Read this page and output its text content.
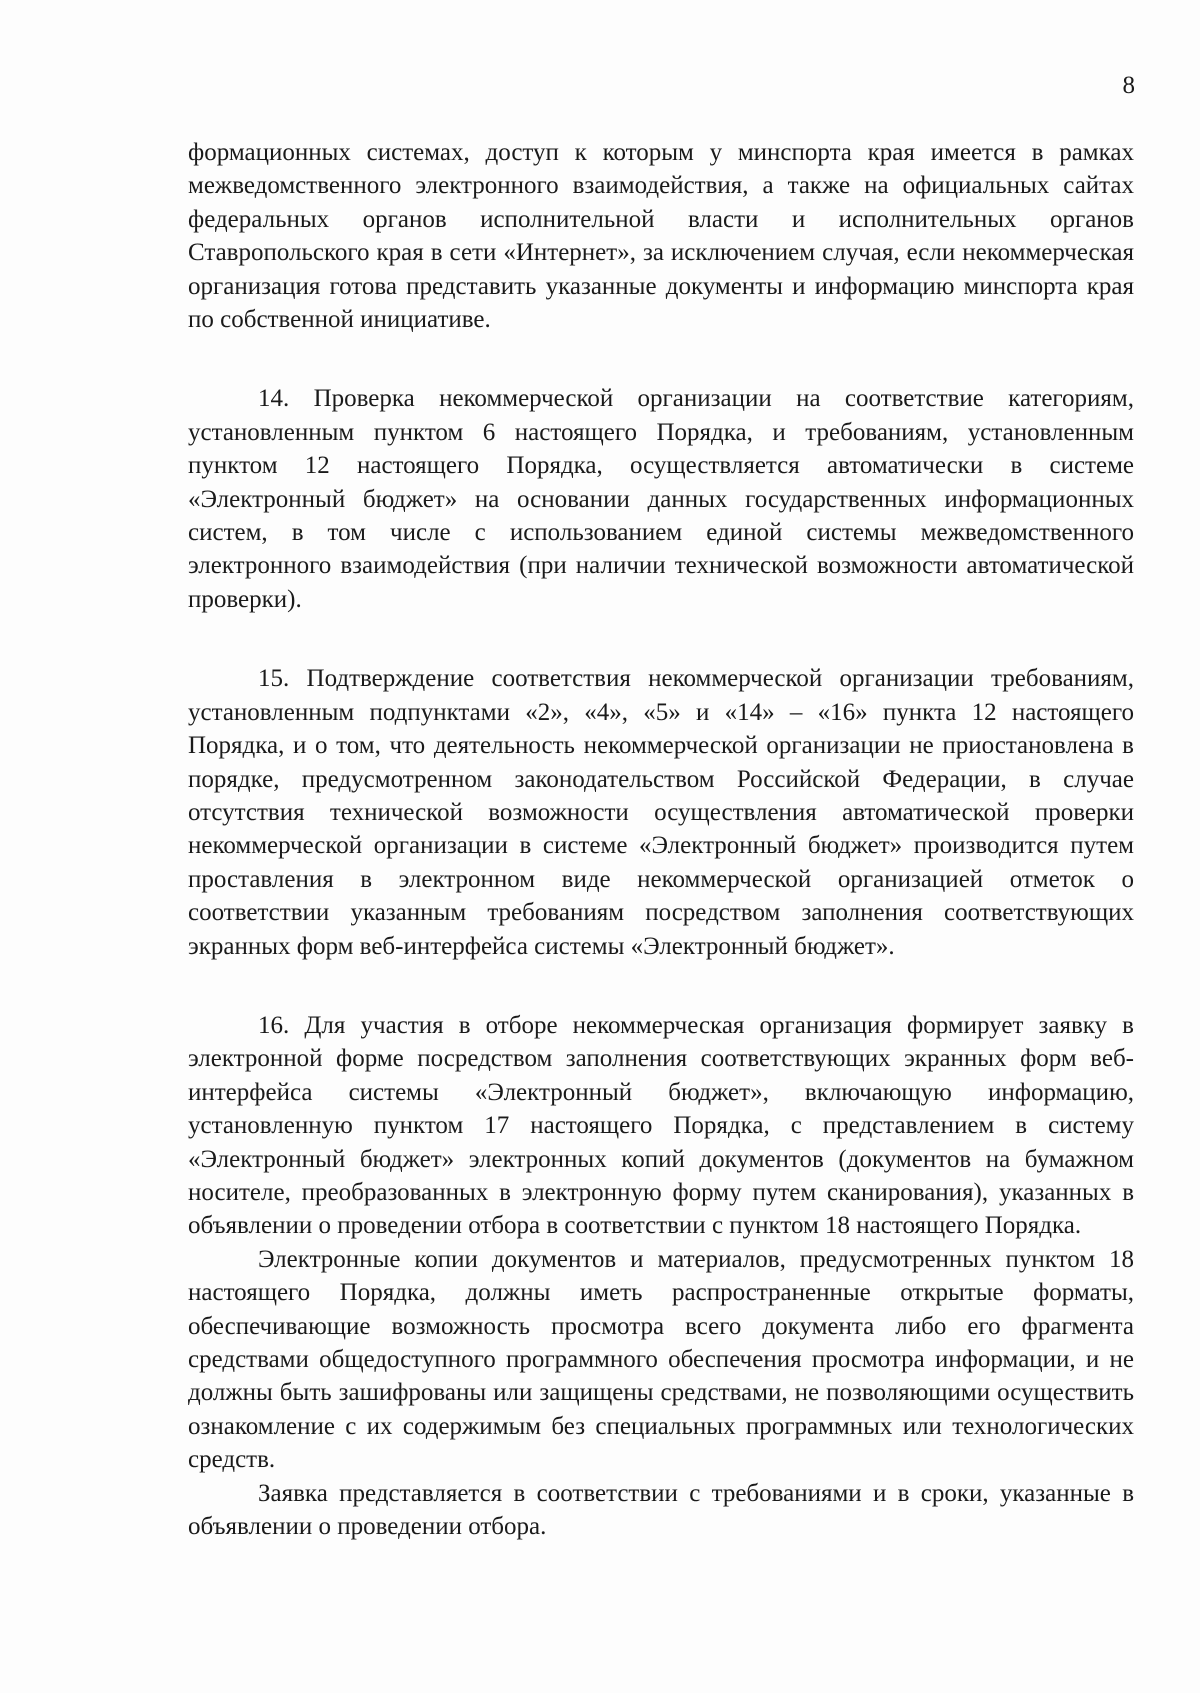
8

формационных системах, доступ к которым у минспорта края имеется в рамках межведомственного электронного взаимодействия, а также на официальных сайтах федеральных органов исполнительной власти и исполнительных органов Ставропольского края в сети «Интернет», за исключением случая, если некоммерческая организация готова представить указанные документы и информацию минспорта края по собственной инициативе.

14. Проверка некоммерческой организации на соответствие категориям, установленным пунктом 6 настоящего Порядка, и требованиям, установленным пунктом 12 настоящего Порядка, осуществляется автоматически в системе «Электронный бюджет» на основании данных государственных информационных систем, в том числе с использованием единой системы межведомственного электронного взаимодействия (при наличии технической возможности автоматической проверки).

15. Подтверждение соответствия некоммерческой организации требованиям, установленным подпунктами «2», «4», «5» и «14» – «16» пункта 12 настоящего Порядка, и о том, что деятельность некоммерческой организации не приостановлена в порядке, предусмотренном законодательством Российской Федерации, в случае отсутствия технической возможности осуществления автоматической проверки некоммерческой организации в системе «Электронный бюджет» производится путем проставления в электронном виде некоммерческой организацией отметок о соответствии указанным требованиям посредством заполнения соответствующих экранных форм веб-интерфейса системы «Электронный бюджет».

16. Для участия в отборе некоммерческая организация формирует заявку в электронной форме посредством заполнения соответствующих экранных форм веб-интерфейса системы «Электронный бюджет», включающую информацию, установленную пунктом 17 настоящего Порядка, с представлением в систему «Электронный бюджет» электронных копий документов (документов на бумажном носителе, преобразованных в электронную форму путем сканирования), указанных в объявлении о проведении отбора в соответствии с пунктом 18 настоящего Порядка.

Электронные копии документов и материалов, предусмотренных пунктом 18 настоящего Порядка, должны иметь распространенные открытые форматы, обеспечивающие возможность просмотра всего документа либо его фрагмента средствами общедоступного программного обеспечения просмотра информации, и не должны быть зашифрованы или защищены средствами, не позволяющими осуществить ознакомление с их содержимым без специальных программных или технологических средств.

Заявка представляется в соответствии с требованиями и в сроки, указанные в объявлении о проведении отбора.
